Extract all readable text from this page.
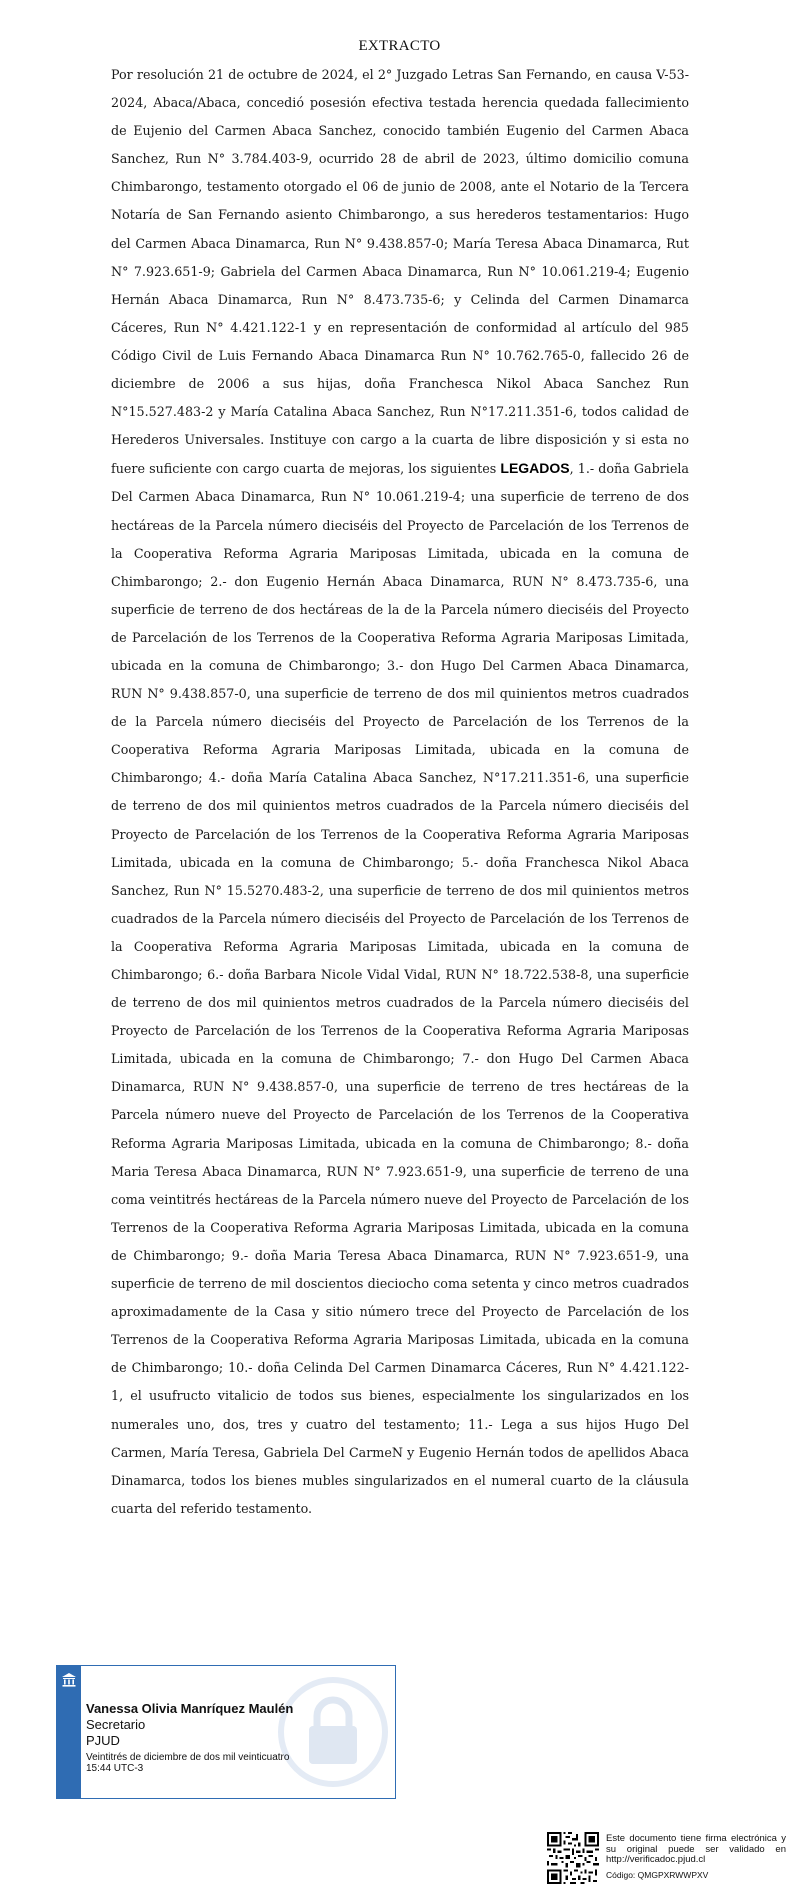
EXTRACTO

Por resolución 21 de octubre de 2024, el 2° Juzgado Letras San Fernando, en causa V-53-2024, Abaca/Abaca, concedió posesión efectiva testada herencia quedada fallecimiento de Eujenio del Carmen Abaca Sanchez, conocido también Eugenio del Carmen Abaca Sanchez, Run N° 3.784.403-9, ocurrido 28 de abril de 2023, último domicilio comuna Chimbarongo, testamento otorgado el 06 de junio de 2008, ante el Notario de la Tercera Notaría de San Fernando asiento Chimbarongo, a sus herederos testamentarios: Hugo del Carmen Abaca Dinamarca, Run N° 9.438.857-0; María Teresa Abaca Dinamarca, Rut N° 7.923.651-9; Gabriela del Carmen Abaca Dinamarca, Run N° 10.061.219-4; Eugenio Hernán Abaca Dinamarca, Run N° 8.473.735-6; y Celinda del Carmen Dinamarca Cáceres, Run N° 4.421.122-1 y en representación de conformidad al artículo del 985 Código Civil de Luis Fernando Abaca Dinamarca Run N° 10.762.765-0, fallecido 26 de diciembre de 2006 a sus hijas, doña Franchesca Nikol Abaca Sanchez Run N°15.527.483-2 y María Catalina Abaca Sanchez, Run N°17.211.351-6, todos calidad de Herederos Universales. Instituye con cargo a la cuarta de libre disposición y si esta no fuere suficiente con cargo cuarta de mejoras, los siguientes LEGADOS, 1.- doña Gabriela Del Carmen Abaca Dinamarca, Run N° 10.061.219-4; una superficie de terreno de dos hectáreas de la Parcela número dieciséis del Proyecto de Parcelación de los Terrenos de la Cooperativa Reforma Agraria Mariposas Limitada, ubicada en la comuna de Chimbarongo; 2.- don Eugenio Hernán Abaca Dinamarca, RUN N° 8.473.735-6, una superficie de terreno de dos hectáreas de la de la Parcela número dieciséis del Proyecto de Parcelación de los Terrenos de la Cooperativa Reforma Agraria Mariposas Limitada, ubicada en la comuna de Chimbarongo; 3.- don Hugo Del Carmen Abaca Dinamarca, RUN N° 9.438.857-0, una superficie de terreno de dos mil quinientos metros cuadrados de la Parcela número dieciséis del Proyecto de Parcelación de los Terrenos de la Cooperativa Reforma Agraria Mariposas Limitada, ubicada en la comuna de Chimbarongo; 4.- doña María Catalina Abaca Sanchez, N°17.211.351-6, una superficie de terreno de dos mil quinientos metros cuadrados de la Parcela número dieciséis del Proyecto de Parcelación de los Terrenos de la Cooperativa Reforma Agraria Mariposas Limitada, ubicada en la comuna de Chimbarongo; 5.- doña Franchesca Nikol Abaca Sanchez, Run N° 15.5270.483-2, una superficie de terreno de dos mil quinientos metros cuadrados de la Parcela número dieciséis del Proyecto de Parcelación de los Terrenos de la Cooperativa Reforma Agraria Mariposas Limitada, ubicada en la comuna de Chimbarongo; 6.- doña Barbara Nicole Vidal Vidal, RUN N° 18.722.538-8, una superficie de terreno de dos mil quinientos metros cuadrados de la Parcela número dieciséis del Proyecto de Parcelación de los Terrenos de la Cooperativa Reforma Agraria Mariposas Limitada, ubicada en la comuna de Chimbarongo; 7.- don Hugo Del Carmen Abaca Dinamarca, RUN N° 9.438.857-0, una superficie de terreno de tres hectáreas de la Parcela número nueve del Proyecto de Parcelación de los Terrenos de la Cooperativa Reforma Agraria Mariposas Limitada, ubicada en la comuna de Chimbarongo; 8.- doña Maria Teresa Abaca Dinamarca, RUN N° 7.923.651-9, una superficie de terreno de una coma veintitrés hectáreas de la Parcela número nueve del Proyecto de Parcelación de los Terrenos de la Cooperativa Reforma Agraria Mariposas Limitada, ubicada en la comuna de Chimbarongo; 9.- doña Maria Teresa Abaca Dinamarca, RUN N° 7.923.651-9, una superficie de terreno de mil doscientos dieciocho coma setenta y cinco metros cuadrados aproximadamente de la Casa y sitio número trece del Proyecto de Parcelación de los Terrenos de la Cooperativa Reforma Agraria Mariposas Limitada, ubicada en la comuna de Chimbarongo; 10.- doña Celinda Del Carmen Dinamarca Cáceres, Run N° 4.421.122-1, el usufructo vitalicio de todos sus bienes, especialmente los singularizados en los numerales uno, dos, tres y cuatro del testamento; 11.- Lega a sus hijos Hugo Del Carmen, María Teresa, Gabriela Del CarmeN y Eugenio Hernán todos de apellidos Abaca Dinamarca, todos los bienes mubles singularizados en el numeral cuarto de la cláusula cuarta del referido testamento.

Vanessa Olivia Manríquez Maulén
Secretario
PJUD
Veintitrés de diciembre de dos mil veinticuatro
15:44 UTC-3
Este documento tiene firma electrónica y su original puede ser validado en http://verificadoc.pjud.cl
Código: QMGPXRWWPXV
